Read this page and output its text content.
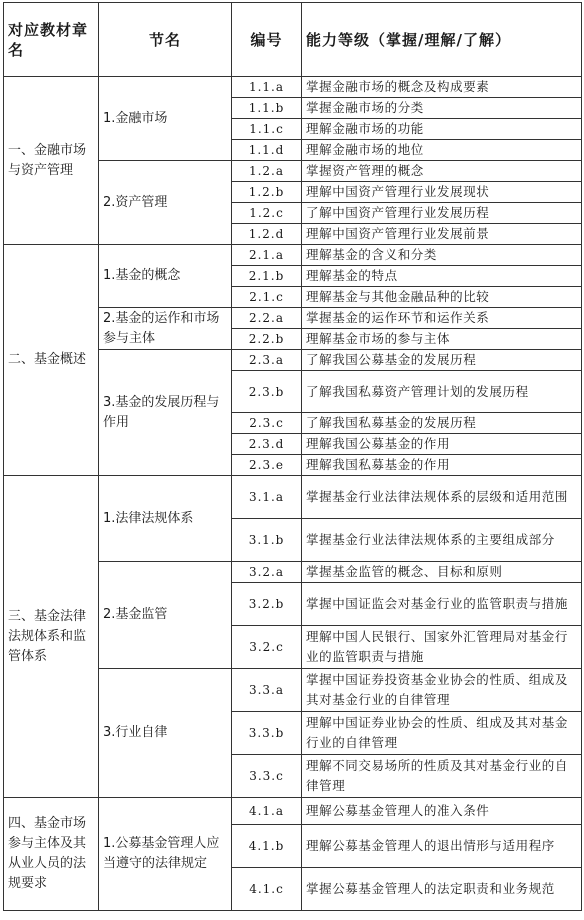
对应教材章名	节名	编号	能力等级（掌握/理解/了解）
一、金融市场与资产管理	1.金融市场	1.1.a	掌握金融市场的概念及构成要素
		1.1.b	掌握金融市场的分类
		1.1.c	理解金融市场的功能
		1.1.d	理解金融市场的地位
	2.资产管理	1.2.a	掌握资产管理的概念
		1.2.b	理解中国资产管理行业发展现状
		1.2.c	了解中国资产管理行业发展历程
		1.2.d	理解中国资产管理行业发展前景
二、基金概述	1.基金的概念	2.1.a	理解基金的含义和分类
		2.1.b	理解基金的特点
		2.1.c	理解基金与其他金融品种的比较
	2.基金的运作和市场参与主体	2.2.a	掌握基金的运作环节和运作关系
		2.2.b	理解基金市场的参与主体
	3.基金的发展历程与作用	2.3.a	了解我国公募基金的发展历程
		2.3.b	了解我国私募资产管理计划的发展历程
		2.3.c	了解我国私募基金的发展历程
		2.3.d	理解我国公募基金的作用
		2.3.e	理解我国私募基金的作用
三、基金法律法规体系和监管体系	1.法律法规体系	3.1.a	掌握基金行业法律法规体系的层级和适用范围
		3.1.b	掌握基金行业法律法规体系的主要组成部分
	2.基金监管	3.2.a	掌握基金监管的概念、目标和原则
		3.2.b	掌握中国证监会对基金行业的监管职责与措施
		3.2.c	理解中国人民银行、国家外汇管理局对基金行业的监管职责与措施
	3.行业自律	3.3.a	掌握中国证券投资基金业协会的性质、组成及其对基金行业的自律管理
		3.3.b	理解中国证券业协会的性质、组成及其对基金行业的自律管理
		3.3.c	理解不同交易场所的性质及其对基金行业的自律管理
四、基金市场参与主体及其从业人员的法规要求	1.公募基金管理人应当遵守的法律规定	4.1.a	理解公募基金管理人的准入条件
		4.1.b	理解公募基金管理人的退出情形与适用程序
		4.1.c	掌握公募基金管理人的法定职责和业务规范
